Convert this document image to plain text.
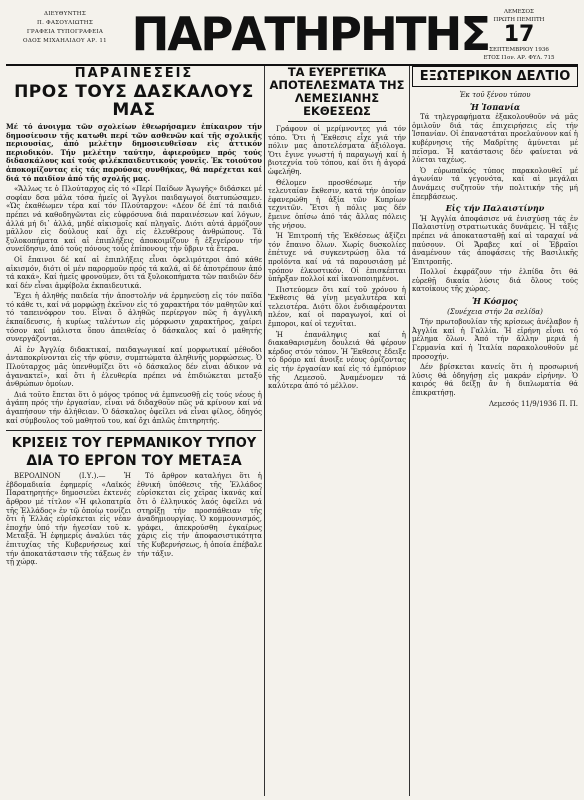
ΔΙΕΥΘΥΝΤΗΣ
Π. ΦΑΣΟΥΛΙΩΤΗΣ
ΓΡΑΦΕΙΑ ΤΥΠΟΓΡΑΦΕΙΑ
ΟΔΟΣ ΜΙΧΑΗΛΙΔΟΥ ΑΡ. 11 ΠΑΡΑΤΗΡΗΤΗΣ	ΛΕΜΕΣΟΣ
ΠΡΩΤΗ ΠΕΜΠΤΗ
17
ΣΕΠΤΕΜΒΡΙΟΥ 1936
ΕΤΟΣ Ι1ον. ΑΡ. ΦΥΛ. 715
ΠΑΡΑΙΝΕΣΕΙΣ
ΠΡΟΣ ΤΟΥΣ ΔΑΣΚΑΛΟΥΣ ΜΑΣ

Μέ τό άνοιγμα τῶν σχολείων ἐθεωρήσαμεν ἐπίκαιρον τήν δημοσίευσιν τῆς κατωθι περί τῶν ασθενῶν καί τῆς σχολικῆς περιουσίας, ἀπό μελέτην δημοσιευθεῖσαν εἰς ἀττικόν περιοδικόν. Τήν μελέτην ταύτην, ἀφιεροῦμεν πρός τούς διδασκάλους καί τούς φιλέκπαιδευτικούς γονεῖς. Ἐκ τοιούτου ἀποκομίζοντας εἰς τάς παρούσας συνθήκας, θά παρέχεται καί διά τό παιδίον ἀπό τῆς σχολῆς μας.

«Ἄλλως τε ὁ Πλούταρχος εἰς τό «Περί Παίδων Ἀγωγῆς» διδάσκει μέ σοφίαν δσα μάλα τόσα ἡμεῖς οἱ Ἄγγλοι παιδαγωγοί διατυπώσαμεν. «Ὡς ἐκαθέωμεν τέρα καί τόν Πλούταρχον: «Δέον δέ ἐπί τά παιδιά πρέπει νά καθοδηγῶνται εἰς εὐφρόσυνα διά παραινέσεων καί λόγων, ἀλλά μή δι᾽ ἀλλά, μηδέ αἰκισμοῖς καί πληγαῖς. Διότι αὐτά ἁρμόζουν μᾶλλον εἰς δούλους καί ὄχι εἰς ἐλευθέρους ἀνθρώπους. Τά ξυλοκοπήματα καί αἱ ἐπιπλήξεις ἀποκοιμίζουν ἤ ἐξεγείρουν τήν συνείδησιν, ἀπό τούς πόνους τούς ἐπίπονους τήν ὕβριν τά ἕτερα.

Οἱ ἔπαινοι δέ καί αἱ ἐπιπλήξεις εἶναι ὀφελιμότεροι ἀπό κάθε αἰκισμόν, διότι οἱ μέν παρορμοῦν πρός τά καλά, αἱ δέ ἀποτρέπουν ἀπό τά κακά». Καί ἡμεῖς φρονοῦμεν, ὅτι τά ξυλοκοπήματα τῶν παιδιῶν δέν καί δέν εἶναι ἀμφίβολα ἐκπαιδευτικά.

Ἔχει ἡ ἀληθής παιδεία τήν ἀποστολήν νά ἑρμηνεύσῃ εἰς τόν παῖδα τό κάθε τι, καί νά μορφώσῃ ἐκεῖνον εἰς τό χαρακτήρα τόν μαθητῶν καί τό ταπεινόφρον του. Εἶναι ὅ ἀληθῶς περίεργον πῶς ἡ ἀγγλική ἐκπαίδευσις, ἡ κυρίως ταλέντων εἰς μόρφωσιν χαρακτῆρος, χαίρει τόσον καί μάλιστα ὅπου ἀπειθείας ὁ δάσκαλος καί ὁ μαθητής συνεργάζονται.

Αἱ ἐν Ἀγγλίᾳ διδακτικαί, παιδαγωγικαί καί μορφωτικαί μέθοδοι ἀνταποκρίνονται εἰς τήν φύσιν, συμπτώματα ἀληθινῆς μορφώσεως. Ὁ Πλούταρχος μᾶς ὑπενθυμίζει ὅτι «ὁ δάσκαλος δέν εἶναι ἀδικον νά ἀγανακτεῖ», καί ὅτι ἡ ἐλευθερία πρέπει νά ἐπιδιώκεται μεταξύ ἀνθρώπων ὁμοίων.

Διά τοῦτο ἔπεται ὅτι ὁ μόνος τρόπος νά ἐμπνευσθῇ εἰς τούς νέους ἡ ἀγάπη πρός τήν ἐργασίαν, εἶναι νά διδαχθοῦν πῶς νά κρίνουν καί νά ἀγαπήσουν τήν ἀλήθειαν. Ὁ δάσκαλος ὀφείλει νά εἶναι φίλος, ὁδηγός καί σύμβουλος τοῦ μαθητοῦ του, καί ὄχι ἀπλῶς ἐπιτηρητής.

ΚΡΙΣΕΙΣ ΤΟΥ ΓΕΡΜΑΝΙΚΟΥ ΤΥΠΟΥ
ΔΙΑ ΤΟ ΕΡΓΟΝ ΤΟΥ ΜΕΤΑΞΑ

ΒΕΡΟΛΙΝΟΝ (Ι.Υ.).— Ἡ ἐβδομαδιαία ἐφημερίς «Λαϊκός Παρατηρητής» δημοσιεύει ἐκτενές ἄρθρον μέ τίτλον «Ἡ φιλοπατρία τῆς Ἑλλάδος» ἐν τῷ ὁποίῳ τονίζει ὅτι ἡ Ἑλλάς εὑρίσκεται εἰς νέαν ἐποχήν ὑπό τήν ἡγεσίαν τοῦ κ. Μεταξᾶ. Ἡ ἐφημερίς ἀναλύει τάς ἐπιτυχίας τῆς Κυβερνήσεως καί τήν ἀποκατάστασιν τῆς τάξεως ἐν τῇ χώρᾳ.

Τό ἄρθρον καταλήγει ὅτι ἡ ἐθνική ὑπόθεσις τῆς Ἑλλάδος εὑρίσκεται εἰς χεῖρας ἱκανάς καί ὅτι ὁ ἑλληνικός λαός ὀφείλει νά στηρίξῃ τήν προσπάθειαν τῆς ἀναδημιουργίας. Ὁ κομμουνισμός, γράφει, ἀπεκρούσθη ἐγκαίρως χάρις εἰς τήν ἀποφασιστικότητα τῆς Κυβερνήσεως, ἡ ὁποία ἐπέβαλε τήν τάξιν.

ΤΑ ΕΥΕΡΓΕΤΙΚΑ ΑΠΟΤΕΛΕΣΜΑΤΑ ΤΗΣ ΛΕΜΕΣΙΑΝΗΣ ΕΚΘΕΣΕΩΣ

Γράφουν οἱ μερίμνοντες γιά τόν τόπο. Ὅτι ἡ Ἔκθεσις εἶχε γιά τήν πόλιν μας ἀποτελέσματα ἀξιόλογα. Ὅτι ἔγινε γνωστή ἡ παραγωγή καί ἡ βιοτεχνία τοῦ τόπου, καί ὅτι ἡ ἀγορά ὠφελήθη.

Θέλομεν προσθέσωμε τήν τελευταίαν ἔκθεσιν, κατά τήν ὁποίαν ἐφανερώθη ἡ ἀξία τῶν Κυπρίων τεχνιτῶν. Ἔτσι ἡ πόλις μας δέν ἔμεινε ὀπίσω ἀπό τάς ἄλλας πόλεις τῆς νήσου.

Ἡ Ἐπιτροπή τῆς Ἐκθέσεως ἀξίζει τόν ἔπαινο ὅλων. Χωρίς δυσκολίες ἐπέτυχε νά συγκεντρώσῃ ὅλα τά προϊόντα καί νά τά παρουσιάσῃ μέ τρόπον ἑλκυστικόν. Οἱ ἐπισκέπται ὑπῆρξαν πολλοί καί ἱκανοποιημένοι.

Πιστεύομεν ὅτι καί τοῦ χρόνου ἡ Ἔκθεσις θά γίνῃ μεγαλυτέρα καί τελειοτέρα. Διότι ὅλοι ἐνδιαφέρονται πλέον, καί οἱ παραγωγοί, καί οἱ ἔμποροι, καί οἱ τεχνῖται.

Ἡ ἐπανάληψις καί ἡ διακαθαρισμένη δουλειά θά φέρουν κέρδος στόν τόπον. Ἡ Ἔκθεσις ἔδειξε τό δρόμο καί ἄνοιξε νέους ὁρίζοντας εἰς τήν ἐργασίαν καί εἰς τό ἐμπόριον τῆς Λεμεσοῦ. Ἀναμένομεν τά καλύτερα ἀπό τό μέλλον.

ΕΞΩΤΕΡΙΚΟΝ ΔΕΛΤΙΟ
Ἐκ τοῦ ξένου τύπου
Ἡ Ἱσπανία

Τά τηλεγραφήματα ἐξακολουθοῦν νά μᾶς ὁμιλοῦν διά τάς ἐπιχειρήσεις εἰς τήν Ἱσπανίαν. Οἱ ἐπαναστάται προελαύνουν καί ἡ κυβέρνησις τῆς Μαδρίτης ἀμύνεται μέ πεῖσμα. Ἡ κατάστασις δέν φαίνεται νά λύεται ταχέως.

Ὁ εὐρωπαϊκός τύπος παρακολουθεῖ μέ ἀγωνίαν τά γεγονότα, καί αἱ μεγάλαι Δυνάμεις συζητοῦν τήν πολιτικήν τῆς μή ἐπεμβάσεως.

Εἰς τήν Παλαιστίνην

Ἡ Ἀγγλία ἀποφάσισε νά ἐνισχύσῃ τάς ἐν Παλαιστίνῃ στρατιωτικάς δυνάμεις. Ἡ τάξις πρέπει νά ἀποκατασταθῇ καί αἱ ταραχαί νά παύσουν. Οἱ Ἄραβες καί οἱ Ἑβραῖοι ἀναμένουν τάς ἀποφάσεις τῆς Βασιλικῆς Ἐπιτροπῆς.

Πολλοί ἐκφράζουν τήν ἐλπίδα ὅτι θά εὑρεθῇ δικαία λύσις διά ὅλους τούς κατοίκους τῆς χώρας.

Ἡ Κόσμος
(Συνέχεια στήν 2α σελίδα)

Τήν πρωτοβουλίαν τῆς κρίσεως ἀνέλαβον ἡ Ἀγγλία καί ἡ Γαλλία. Ἡ εἰρήνη εἶναι τό μέλημα ὅλων. Ἀπό τήν ἄλλην μεριά ἡ Γερμανία καί ἡ Ἰταλία παρακολουθοῦν μέ προσοχήν.

Δέν βρίσκεται κανείς ὅτι ἡ προσωρινή λύσις θά ὁδηγήσῃ εἰς μακράν εἰρήνην. Ὁ καιρός θά δείξῃ ἄν ἡ διπλωματία θά ἐπικρατήσῃ.

Λεμεσός 11/9/1936 Π. Π.
